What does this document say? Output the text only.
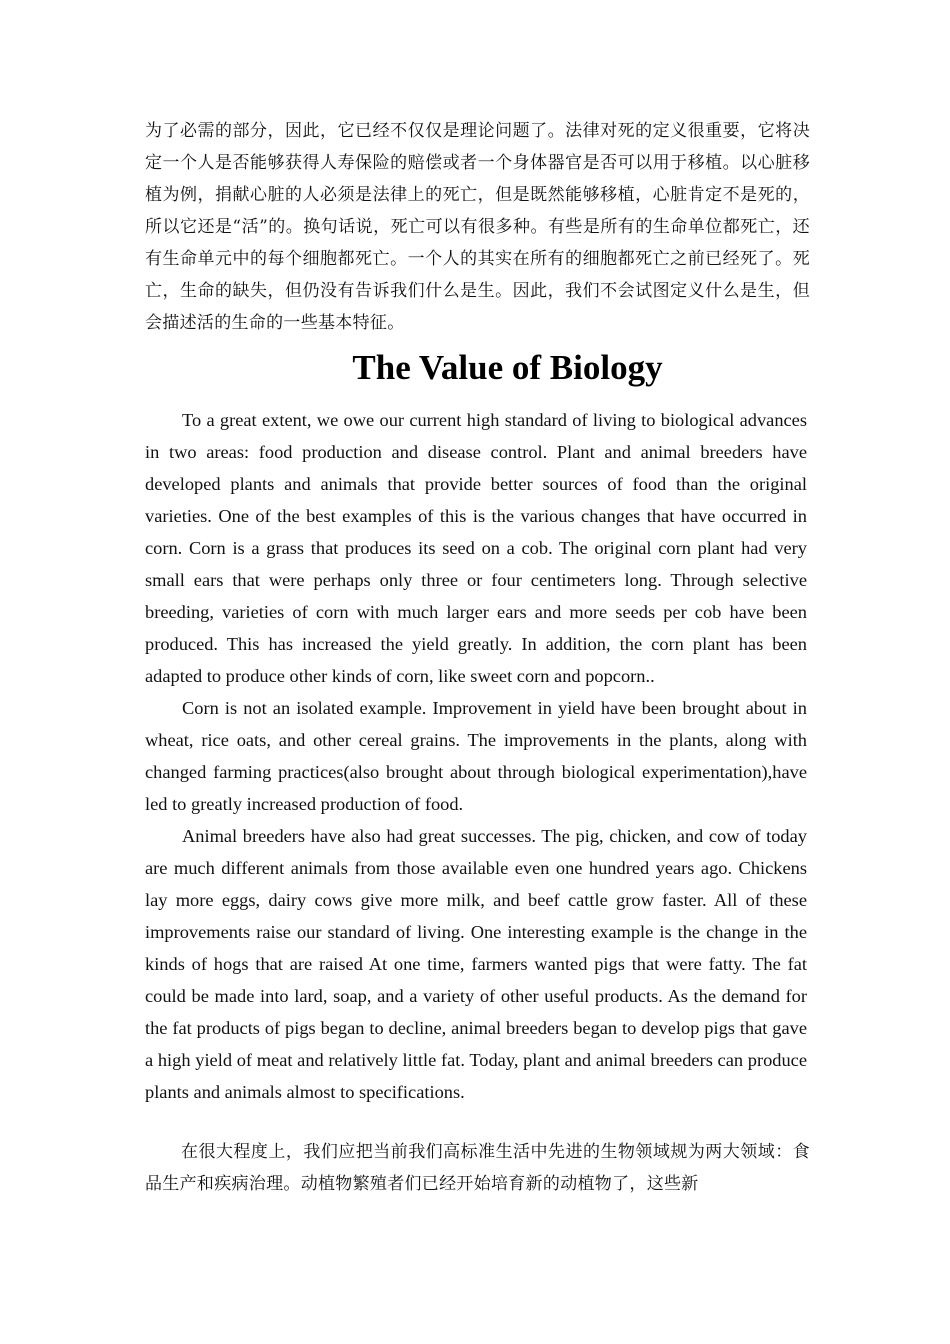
为了必需的部分，因此，它已经不仅仅是理论问题了。法律对死的定义很重要，它将决定一个人是否能够获得人寿保险的赔偿或者一个身体器官是否可以用于移植。以心脏移植为例，捐献心脏的人必须是法律上的死亡，但是既然能够移植，心脏肯定不是死的，所以它还是“活”的。换句话说，死亡可以有很多种。有些是所有的生命单位都死亡，还有生命单元中的每个细胞都死亡。一个人的其实在所有的细胞都死亡之前已经死了。死亡，生命的缺失，但仍没有告诉我们什么是生。因此，我们不会试图定义什么是生，但会描述活的生命的一些基本特征。

The Value of Biology

To a great extent, we owe our current high standard of living to biological advances in two areas: food production and disease control. Plant and animal breeders have developed plants and animals that provide better sources of food than the original varieties. One of the best examples of this is the various changes that have occurred in corn. Corn is a grass that produces its seed on a cob. The original corn plant had very small ears that were perhaps only three or four centimeters long. Through selective breeding, varieties of corn with much larger ears and more seeds per cob have been produced. This has increased the yield greatly. In addition, the corn plant has been adapted to produce other kinds of corn, like sweet corn and popcorn..

Corn is not an isolated example. Improvement in yield have been brought about in wheat, rice oats, and other cereal grains. The improvements in the plants, along with changed farming practices(also brought about through biological experimentation),have led to greatly increased production of food.

Animal breeders have also had great successes. The pig, chicken, and cow of today are much different animals from those available even one hundred years ago. Chickens lay more eggs, dairy cows give more milk, and beef cattle grow faster. All of these improvements raise our standard of living. One interesting example is the change in the kinds of hogs that are raised At one time, farmers wanted pigs that were fatty. The fat could be made into lard, soap, and a variety of other useful products. As the demand for the fat products of pigs began to decline, animal breeders began to develop pigs that gave a high yield of meat and relatively little fat. Today, plant and animal breeders can produce plants and animals almost to specifications.

在很大程度上，我们应把当前我们高标准生活中先进的生物领域规为两大领域：食品生产和疾病治理。动植物繁殖者们已经开始培育新的动植物了，这些新
